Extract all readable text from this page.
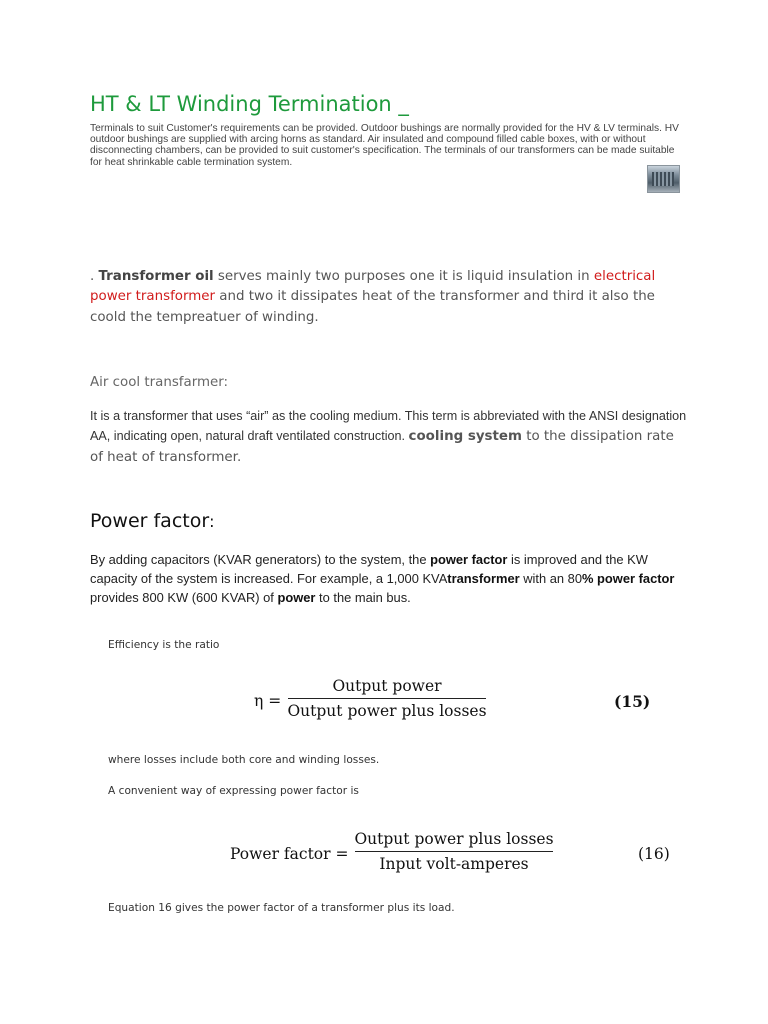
HT & LT Winding Termination _
Terminals to suit Customer's requirements can be provided. Outdoor bushings are normally provided for the HV & LV terminals. HV outdoor bushings are supplied with arcing horns as standard. Air insulated and compound filled cable boxes, with or without disconnecting chambers, can be provided to suit customer's specification. The terminals of our transformers can be made suitable for heat shrinkable cable termination system.
. Transformer oil serves mainly two purposes one it is liquid insulation in electrical power transformer and two it dissipates heat of the transformer and third it also the coold the tempreatuer of winding.
Air cool transfarmer:
It is a transformer that uses “air” as the cooling medium. This term is abbreviated with the ANSI designation AA, indicating open, natural draft ventilated construction. cooling system to the dissipation rate of heat of transformer.
Power factor:
By adding capacitors (KVAR generators) to the system, the power factor is improved and the KW capacity of the system is increased. For example, a 1,000 KVAtransformer with an 80% power factor provides 800 KW (600 KVAR) of power to the main bus.
Efficiency is the ratio
η =
Output power
Output power plus losses	(15)
where losses include both core and winding losses.
A convenient way of expressing power factor is
Power factor =
Output power plus losses
Input volt-amperes
(16)
Equation 16 gives the power factor of a transformer plus its load.
